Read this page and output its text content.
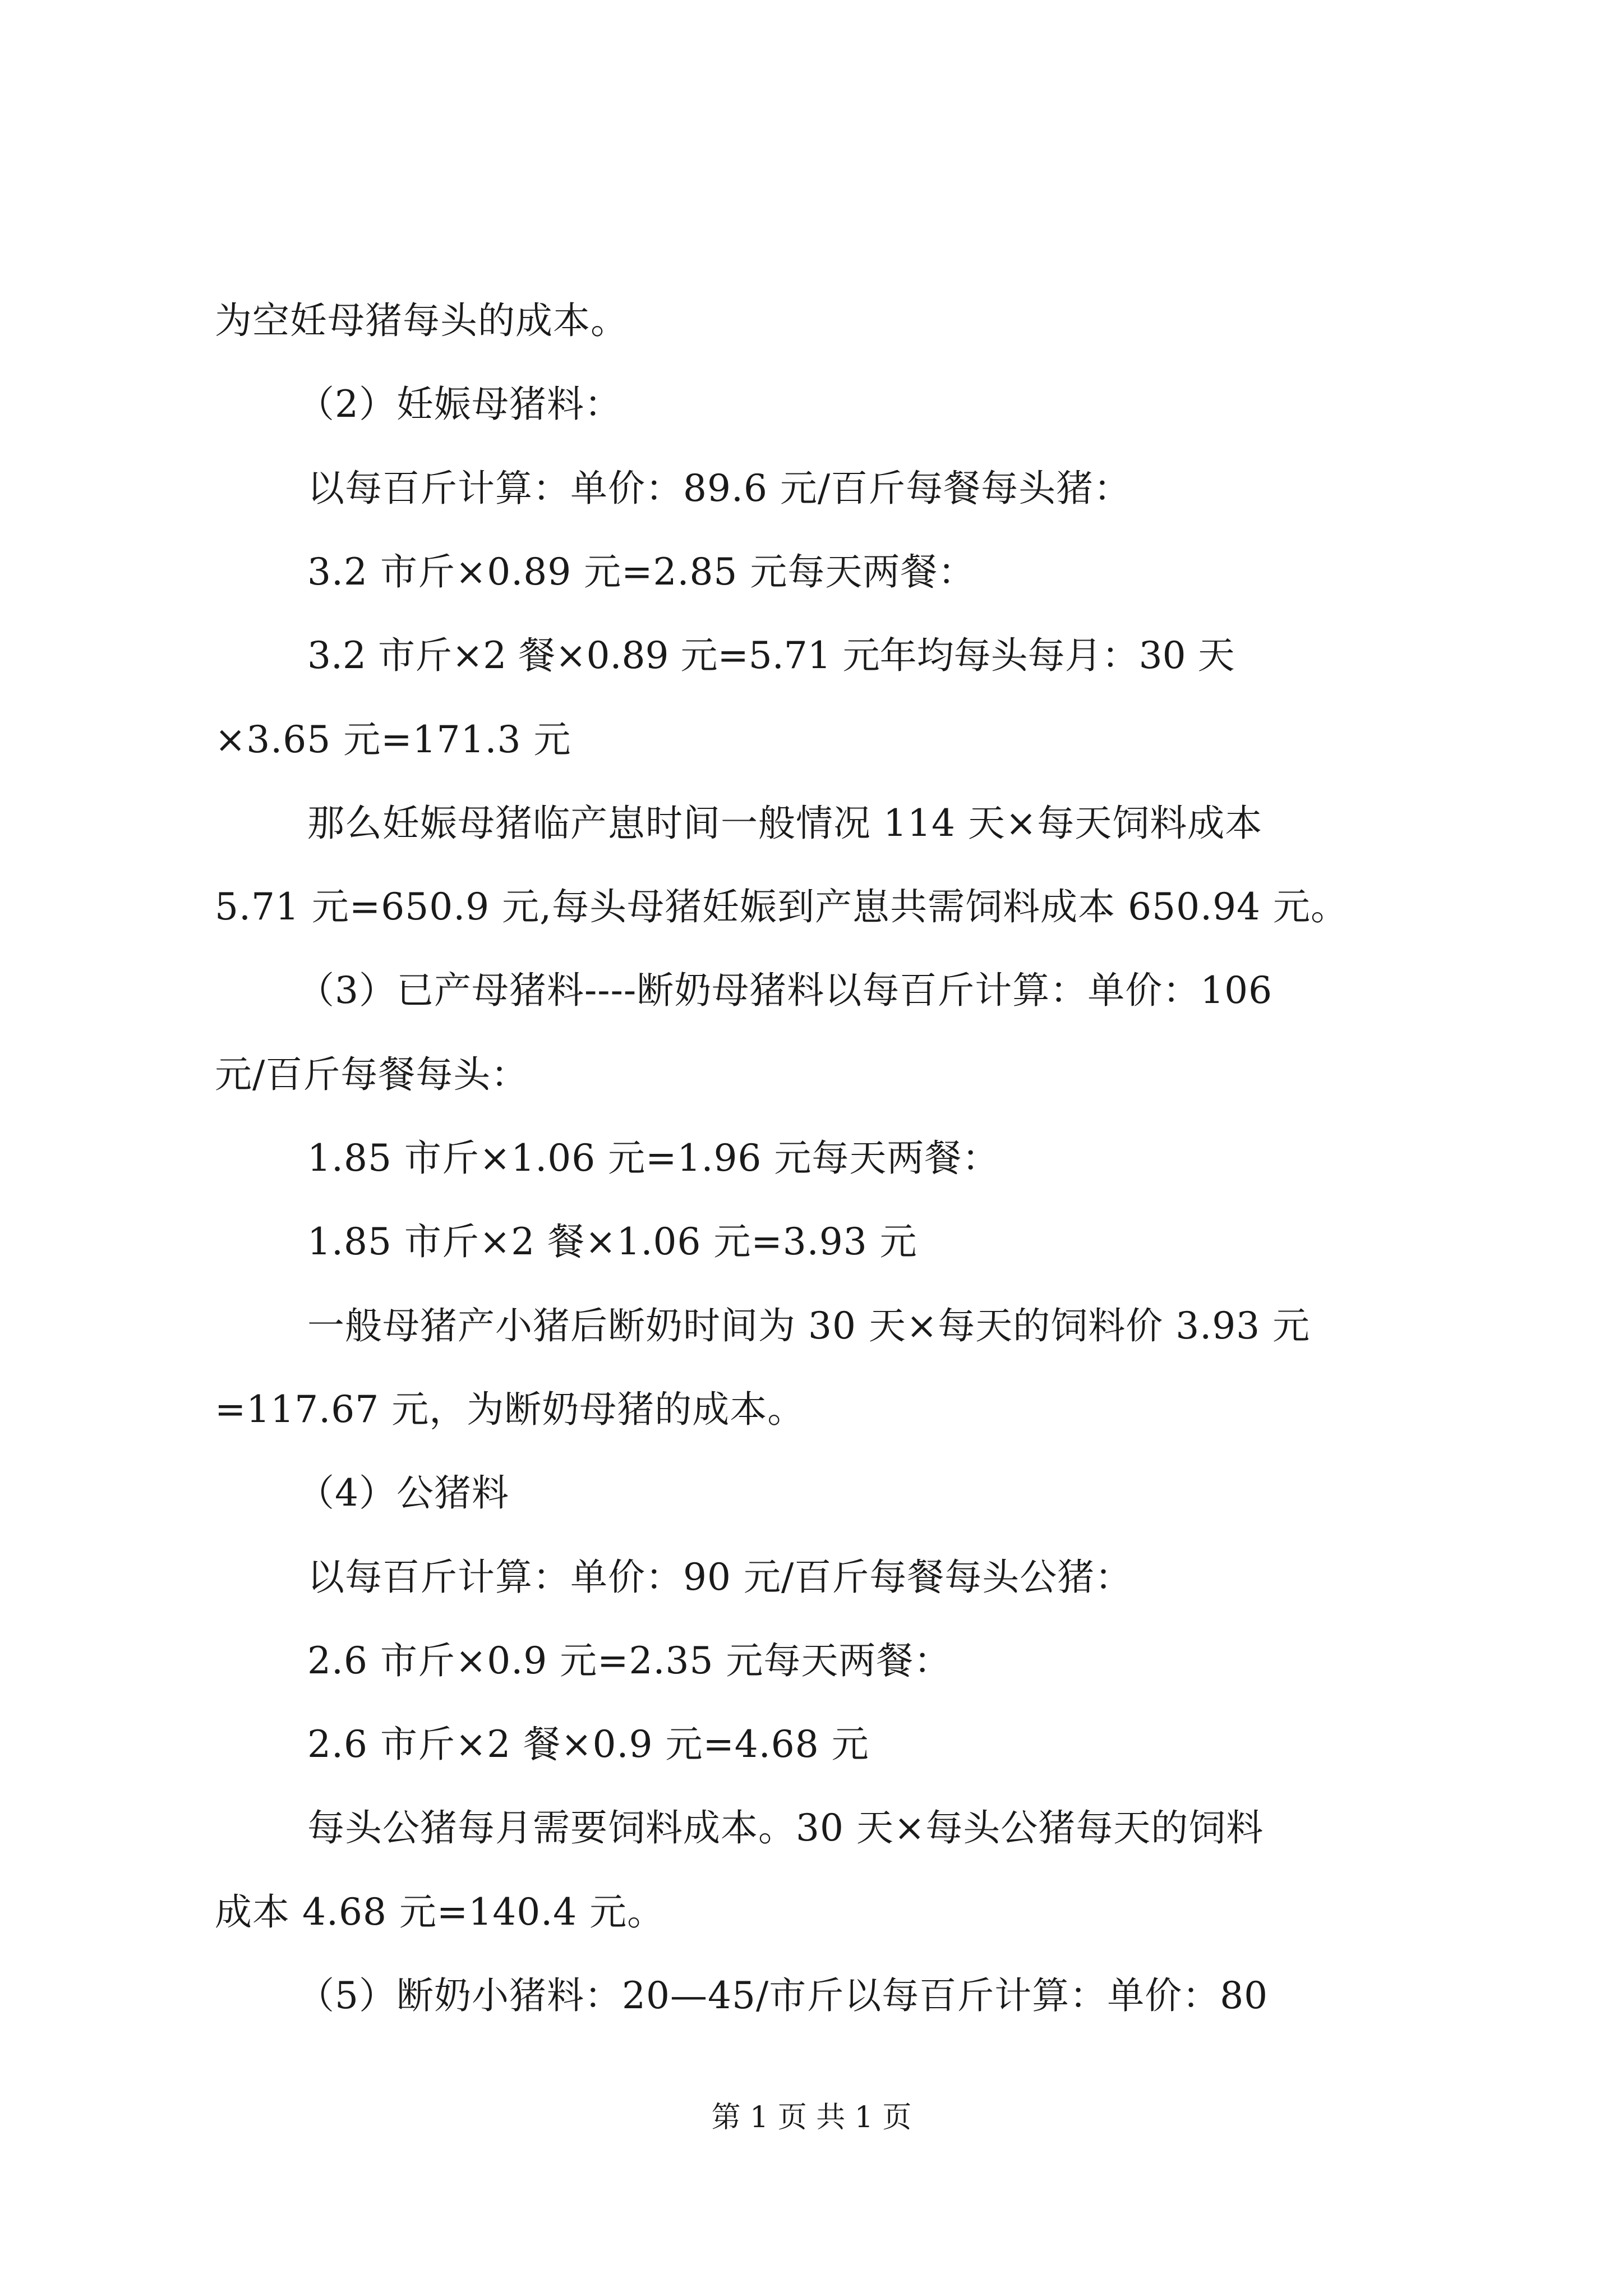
为空妊母猪每头的成本。
（2）妊娠母猪料：
以每百斤计算：单价：89.6 元/百斤每餐每头猪：
3.2 市斤×0.89 元=2.85 元每天两餐：
3.2 市斤×2 餐×0.89 元=5.71 元年均每头每月：30 天
×3.65 元=171.3 元
那么妊娠母猪临产崽时间一般情况 114 天×每天饲料成本
5.71 元=650.9 元,每头母猪妊娠到产崽共需饲料成本 650.94 元。
（3）已产母猪料----断奶母猪料以每百斤计算：单价：106
元/百斤每餐每头：
1.85 市斤×1.06 元=1.96 元每天两餐：
1.85 市斤×2 餐×1.06 元=3.93 元
一般母猪产小猪后断奶时间为 30 天×每天的饲料价 3.93 元
=117.67 元，为断奶母猪的成本。
（4）公猪料
以每百斤计算：单价：90 元/百斤每餐每头公猪：
2.6 市斤×0.9 元=2.35 元每天两餐：
2.6 市斤×2 餐×0.9 元=4.68 元
每头公猪每月需要饲料成本。30 天×每头公猪每天的饲料
成本 4.68 元=140.4 元。
（5）断奶小猪料：20—45/市斤以每百斤计算：单价：80
第 1 页 共 1 页
